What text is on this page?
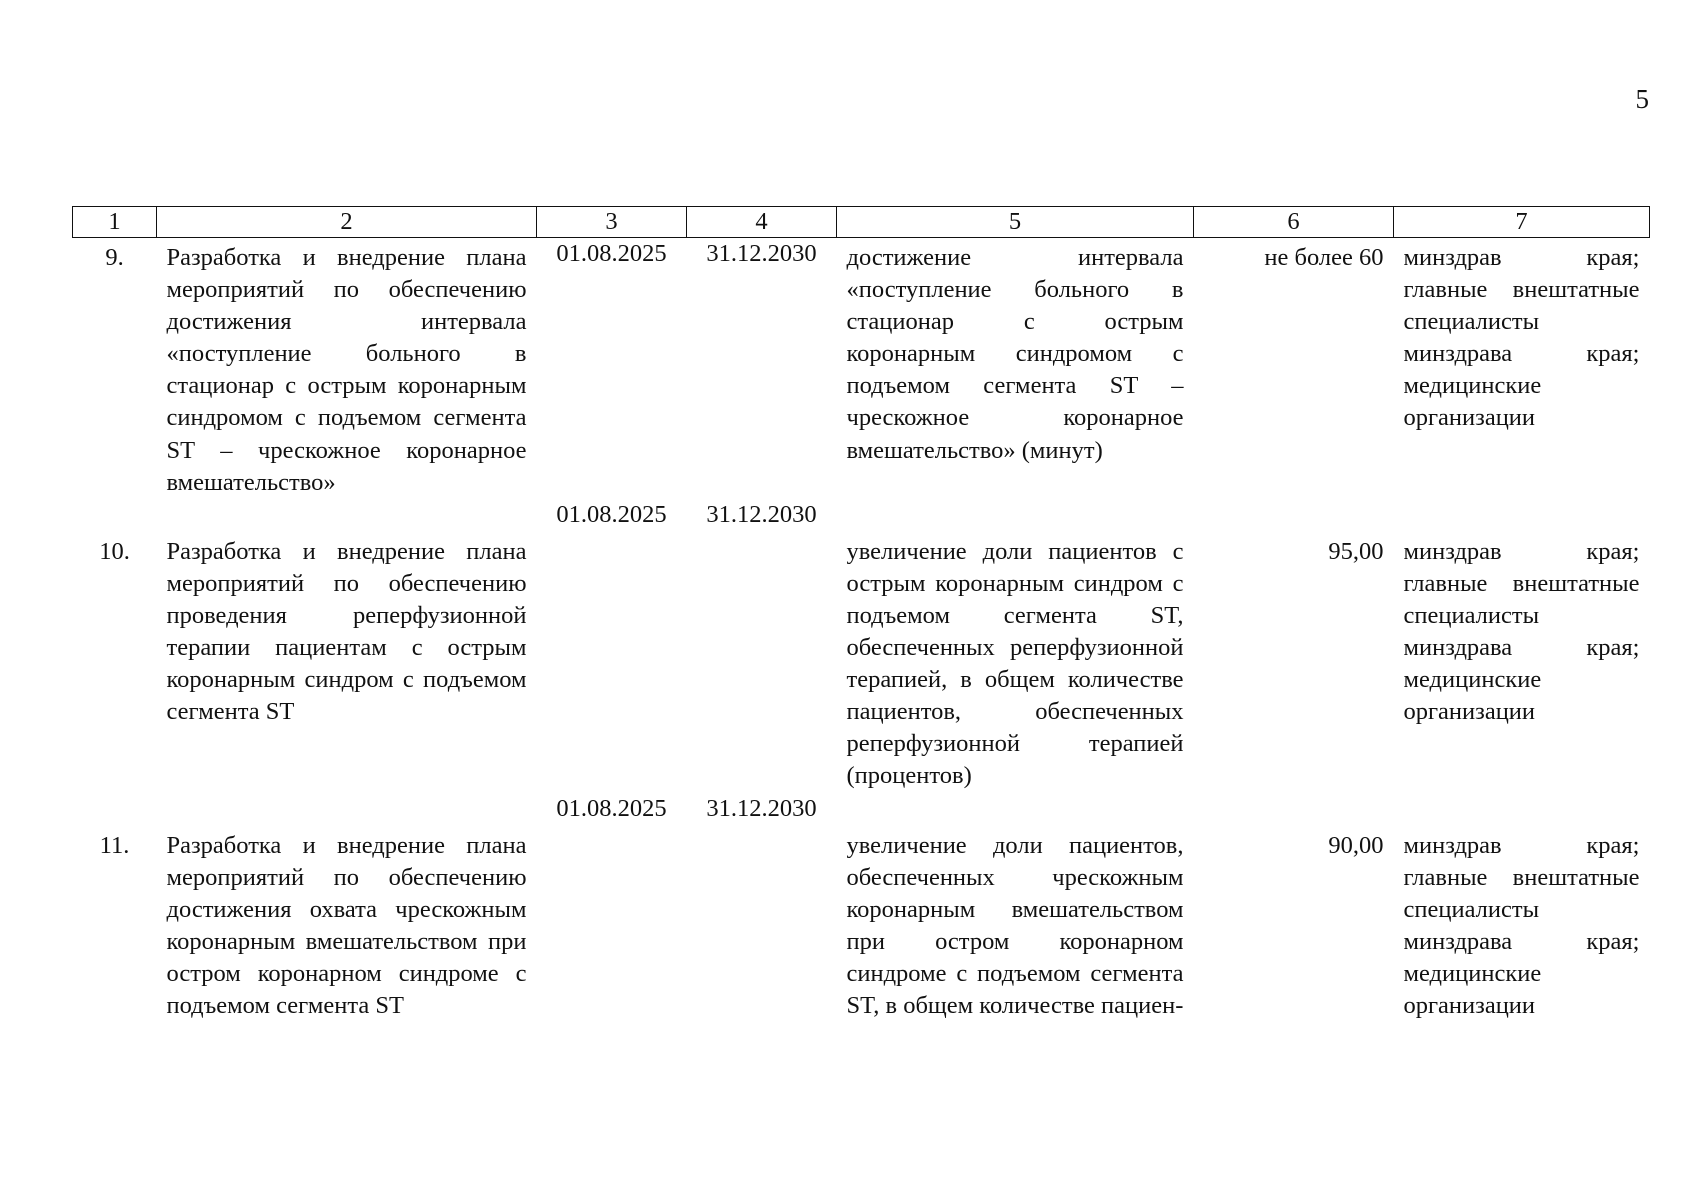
5
1	2	3	4	5	6	7
9.	Разработка и внедрение плана мероприятий по обеспечению достижения интервала «поступление больного в стационар с острым коронарным синдромом с подъемом сегмента ST – чрескожное коронарное вмешательство»	01.08.2025	31.12.2030	достижение интервала «поступление больного в стационар с острым коронарным синдромом с подъемом сегмента ST – чрескожное коронарное вмешательство» (минут)	не более 60	минздрав края; главные внештатные специалисты минздрава края; медицинские организации
10.	Разработка и внедрение плана мероприятий по обеспечению проведения реперфузионной терапии пациентам с острым коронарным синдром с подъемом сегмента ST	01.08.2025	31.12.2030	увеличение доли пациентов с острым коронарным синдром с подъемом сегмента ST, обеспеченных реперфузионной терапией, в общем количестве пациентов, обеспеченных реперфузионной терапией (процентов)	95,00	минздрав края; главные внештатные специалисты минздрава края; медицинские организации
11.	Разработка и внедрение плана мероприятий по обеспечению достижения охвата чрескожным коронарным вмешательством при остром коронарном синдроме с подъемом сегмента ST	01.08.2025	31.12.2030	увеличение доли пациентов, обеспеченных чрескожным коронарным вмешательством при остром коронарном синдроме с подъемом сегмента ST, в общем количестве пациен-	90,00	минздрав края; главные внештатные специалисты минздрава края; медицинские организации
